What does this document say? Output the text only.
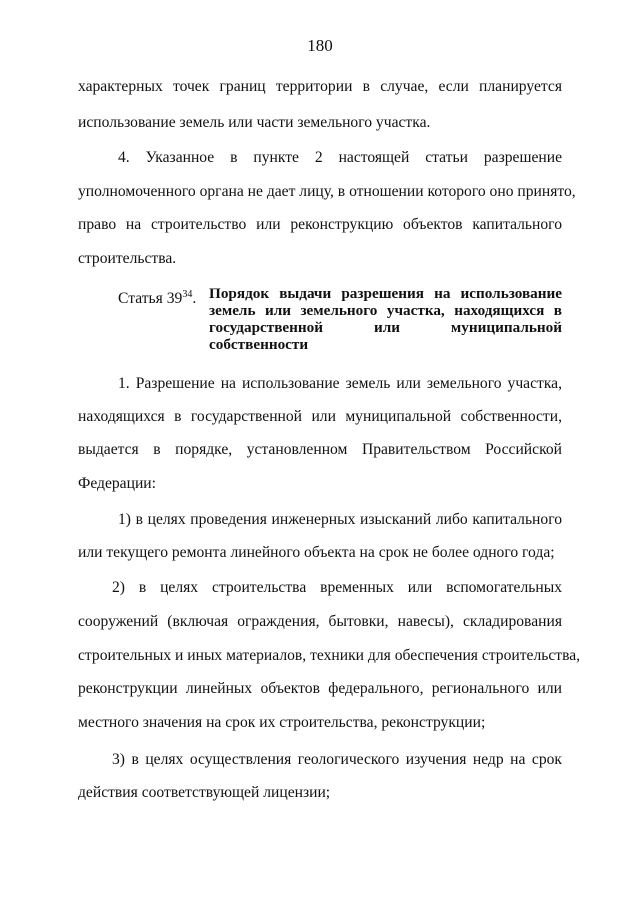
180
характерных точек границ территории в случае, если планируется
использование земель или части земельного участка.
4. Указанное в пункте 2 настоящей статьи разрешение
уполномоченного органа не дает лицу, в отношении которого оно принято,
право на строительство или реконструкцию объектов капитального
строительства.
Статья $39^{34}$. Порядок выдачи разрешения на использование
земель или земельного участка, находящихся в
государственной или муниципальной
собственности
1. Разрешение на использование земель или земельного участка,
находящихся в государственной или муниципальной собственности,
выдается в порядке, установленном Правительством Российской
Федерации:
1) в целях проведения инженерных изысканий либо капитального
или текущего ремонта линейного объекта на срок не более одного года;
2) в целях строительства временных или вспомогательных
сооружений (включая ограждения, бытовки, навесы), складирования
строительных и иных материалов, техники для обеспечения строительства,
реконструкции линейных объектов федерального, регионального или
местного значения на срок их строительства, реконструкции;
3) в целях осуществления геологического изучения недр на срок
действия соответствующей лицензии;
